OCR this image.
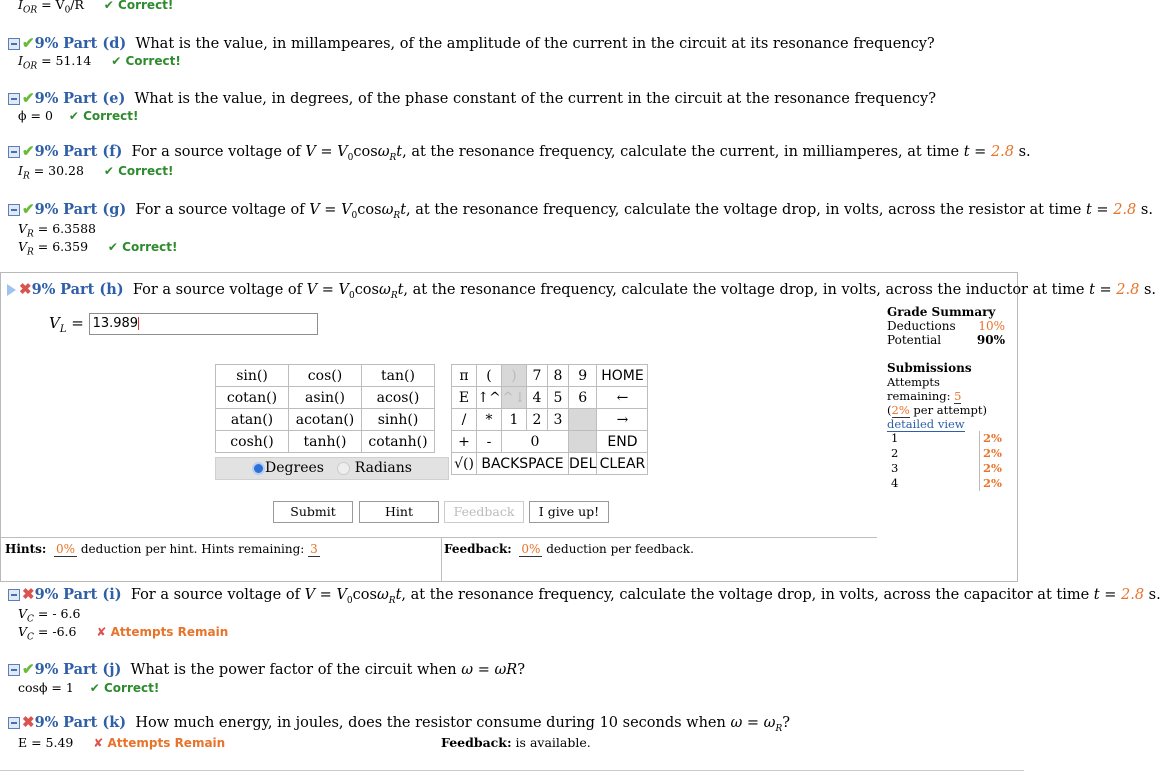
$I_{OR} = V_0/R$ ✔ Correct!
✔9% Part (d) What is the value, in millampeares, of the amplitude of the current in the circuit at its resonance frequency?
$I_{OR} = 51.14$ ✔ Correct!
✔9% Part (e) What is the value, in degrees, of the phase constant of the current in the circuit at the resonance frequency?
ϕ = 0 ✔ Correct!
✔9% Part (f) For a source voltage of $V = V_0\cos\omega_Rt$, at the resonance frequency, calculate the current, in milliamperes, at time t = 2.8 s.
$I_R = 30.28$ ✔ Correct!
✔9% Part (g) For a source voltage of $V = V_0\cos\omega_Rt$, at the resonance frequency, calculate the voltage drop, in volts, across the resistor at time t = 2.8 s.
$V_R = 6.3588$
$V_R = 6.359$ ✔ Correct!
✖9% Part (h) For a source voltage of $V = V_0\cos\omega_Rt$, at the resonance frequency, calculate the voltage drop, in volts, across the inductor at time t = 2.8 s.
$V_L = 13.989$
sin()	cos()	tan()
cotan()	asin()	acos()
atan()	acotan()	sinh()
cosh()	tanh()	cotanh()
Degrees Radians
π	(	)	7	8	9	HOME
E	↑^	^↓	4	5	6	←
/	*	1	2	3		→
+	-	0				END
√()	BACKSPACE				DEL	CLEAR
Submit	Hint	Feedback	I give up!
Grade Summary
Deductions 10%
Potential	90%
Submissions
Attempts remaining: 5
(2% per attempt)
detailed view
1	2%
2	2%
3	2%
4	2%
Hints: 0% deduction per hint. Hints remaining: 3	Feedback: 0% deduction per feedback.
✖9% Part (i) For a source voltage of $V = V_0\cos\omega_Rt$, at the resonance frequency, calculate the voltage drop, in volts, across the capacitor at time t = 2.8 s.
$V_C$ = - 6.6
$V_C = -6.6$ ✘ Attempts Remain
✔9% Part (j) What is the power factor of the circuit when ω = ωR?
cosϕ = 1 ✔ Correct!
✖9% Part (k) How much energy, in joules, does the resistor consume during 10 seconds when $\omega = \omega_R$?
E = 5.49 ✘ Attempts Remain	Feedback: is available.
